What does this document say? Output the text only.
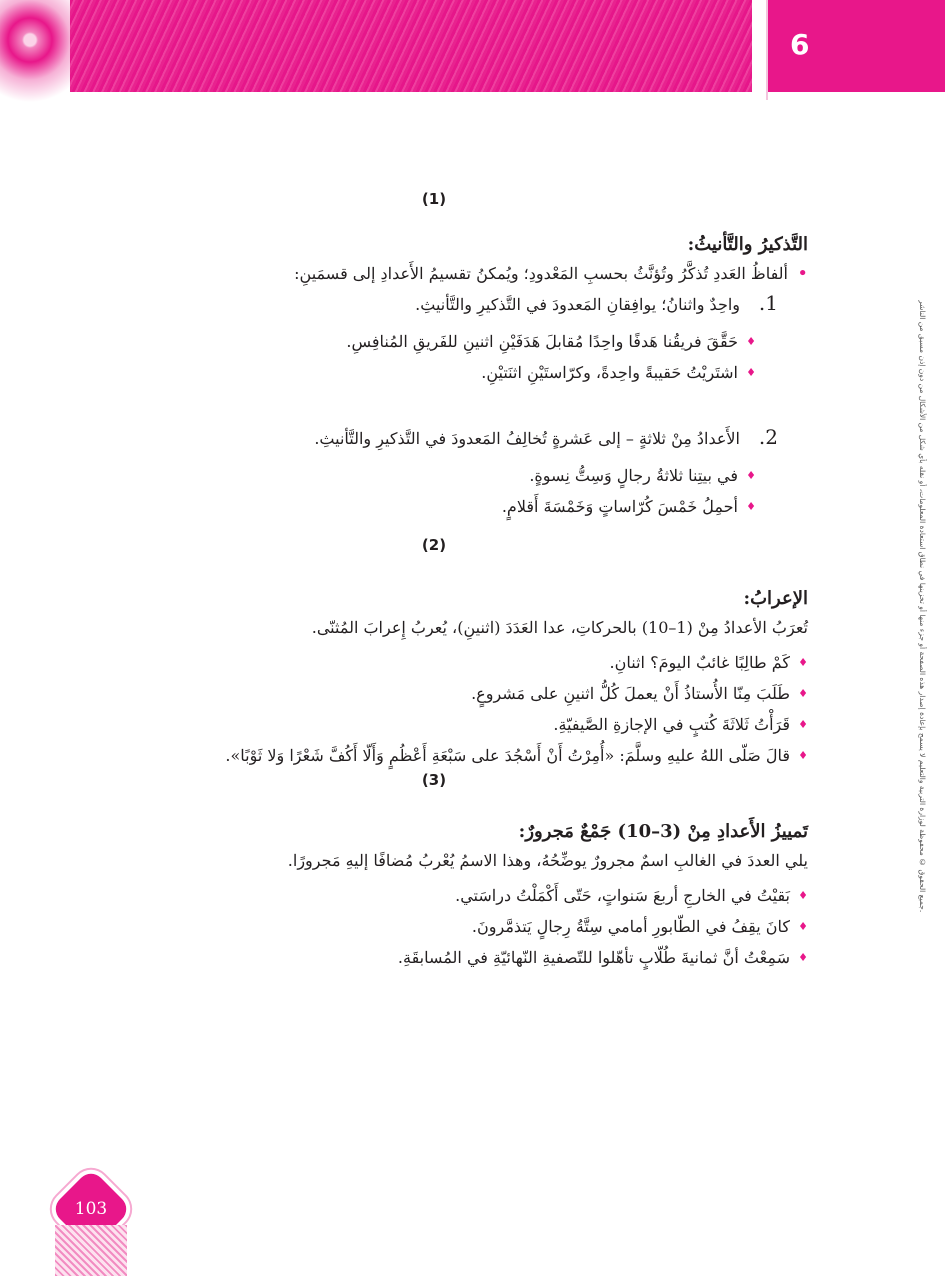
6
جميع الحقوق © محفوظة لوزارة التربية والتعليم لا يسمح بإعادة إصدار هذه الصفحة أو جزء منها أو تخزينها في نطاق استعادة المعلومات، أو نقله بأي شكل من الأشكال من دون إذن مسبق من الناشر.

(1)

التَّذكيرُ والتَّأنيثُ:

• ألفاظُ العَددِ تُذكَّرُ وتُؤنَّثُ بحسبِ المَعْدودِ؛ ويُمكنُ تقسيمُ الأَعدادِ إلى قسمَينِ:

1.واحِدٌ واثنانُ؛ يوافِقانِ المَعدودَ في التَّذكيرِ والتَّأنيثِ.
♦ حَقَّقَ فريقُنا هَدفًا واحِدًا مُقابلَ هَدَفَيْنِ اثنينِ للفَريقِ المُنافِسِ.
♦ اشتَريْتُ حَقيبةً واحِدةً، وكرّاستَيْنِ اثنَتيْنِ.
2.الأَعدادُ مِنْ ثلاثةٍ – إلى عَشرةٍ تُخالِفُ المَعدودَ في التَّذكيرِ والتَّأنيثِ.
♦ في بيتِنا ثلاثةُ رجالٍ وَسِتُّ نِسوةٍ.
♦ أحمِلُ خَمْسَ كُرّاساتٍ وَخَمْسَةَ أَقلامٍ.

(2)

الإعرابُ:

تُعرَبُ الأعدادُ مِنْ (1–10) بالحركاتِ، عدا العَدَدَ (اثنينِ)، يُعربُ إِعرابَ المُثنّى.

♦ كَمْ طالِبًا غائبٌ اليومَ؟ اثنانِ.
♦ طَلَبَ مِنّا الأُستاذُ أَنْ يعملَ كُلُّ اثنينِ على مَشروعٍ.
♦ قَرَأْتُ ثَلاثَةَ كُتبٍ في الإجازةِ الصَّيفيّةِ.
♦ قالَ صَلّى اللهُ عليهِ وسلَّمَ: «أُمِرْتُ أَنْ أَسْجُدَ على سَبْعَةِ أَعْظُمٍ وَأَلّا أَكُفَّ شَعْرًا وَلا ثَوْبًا».

(3)

تَمييزُ الأَعدادِ مِنْ (3–10) جَمْعٌ مَجرورٌ:

يلي العددَ في الغالبِ اسمٌ مجرورٌ يوضِّحُهُ، وهذا الاسمُ يُعْربُ مُضافًا إليهِ مَجرورًا.

♦ بَقيْتُ في الخارجِ أربعَ سَنواتٍ، حَتّى أَكْمَلْتُ دراسَتي.
♦ كانَ يقِفُ في الطّابورِ أمامي سِتَّةُ رِجالٍ يَتذمَّرونَ.
♦ سَمِعْتُ أنَّ ثمانيةَ طُلّابٍ تأهّلوا للتّصفيةِ النّهائيّةِ في المُسابقَةِ.
103
